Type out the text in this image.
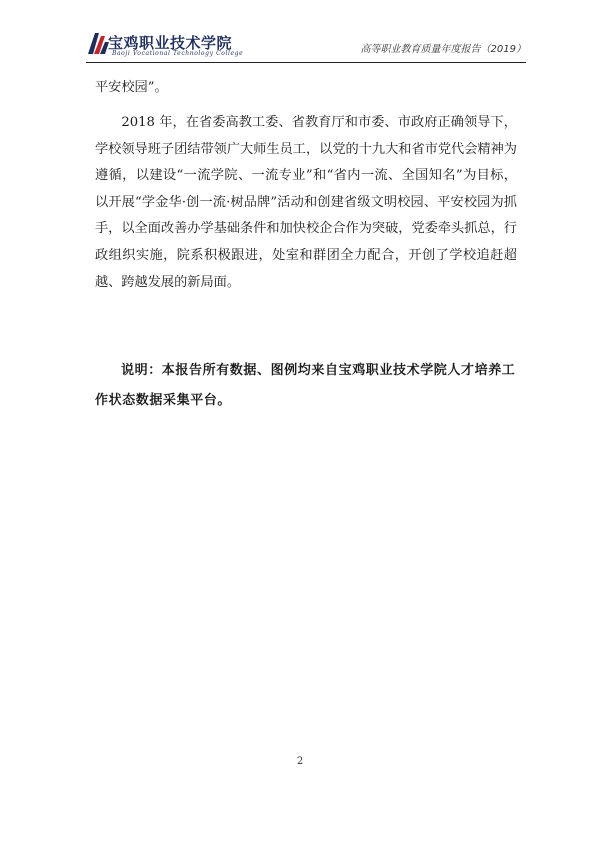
宝鸡职业技术学院
Baoji Vocational Technology College	高等职业教育质量年度报告（2019）
平安校园”。
2018 年，在省委高教工委、省教育厅和市委、市政府正确领导下，学校领导班子团结带领广大师生员工，以党的十九大和省市党代会精神为遵循，以建设“一流学院、一流专业”和“省内一流、全国知名”为目标，以开展“学金华·创一流·树品牌”活动和创建省级文明校园、平安校园为抓手，以全面改善办学基础条件和加快校企合作为突破，党委牵头抓总，行政组织实施，院系积极跟进，处室和群团全力配合，开创了学校追赶超越、跨越发展的新局面。
说明：本报告所有数据、图例均来自宝鸡职业技术学院人才培养工作状态数据采集平台。
2
